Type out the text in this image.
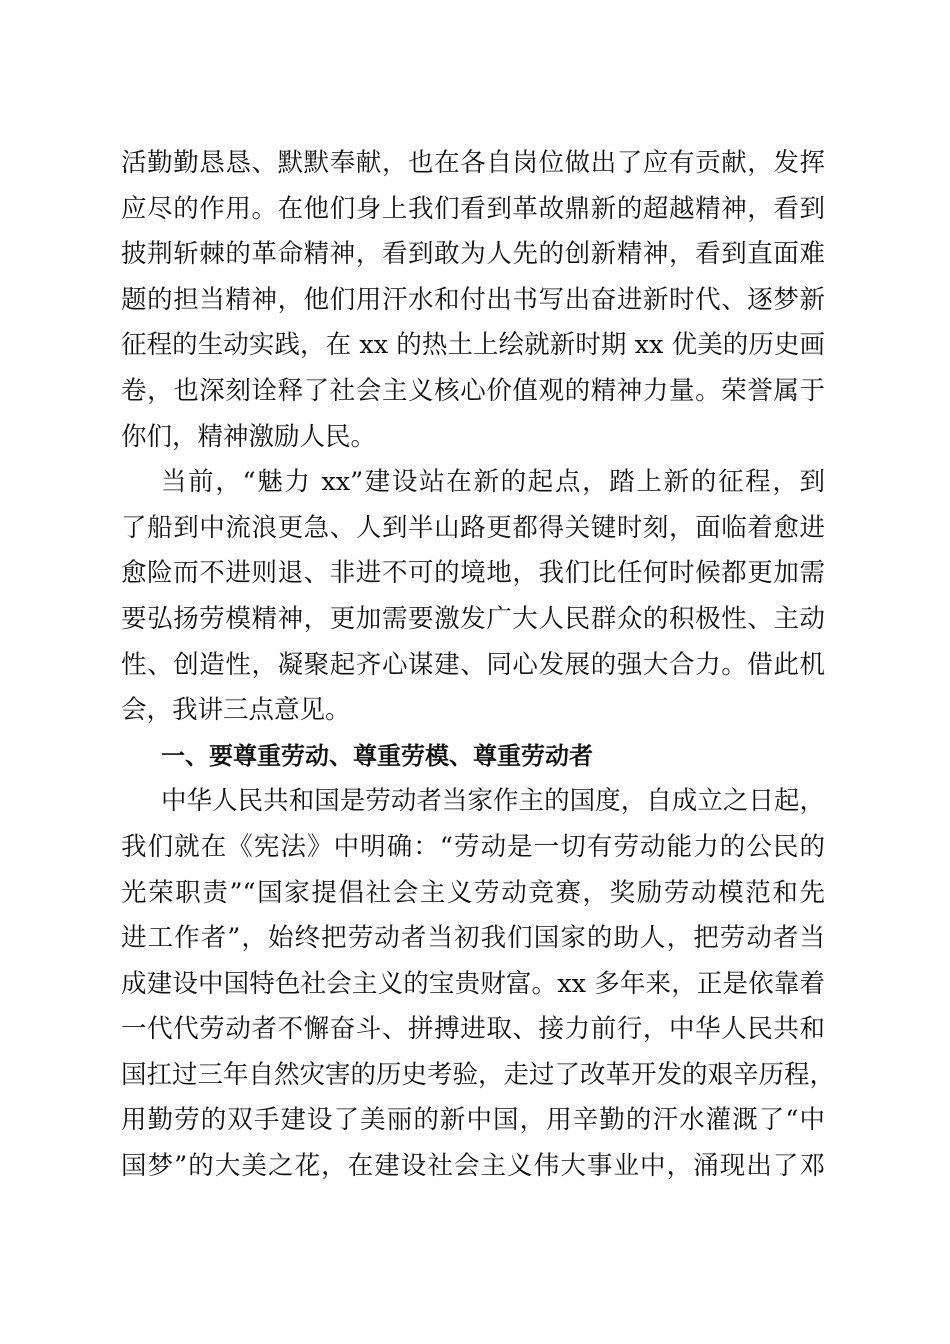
活勤勤恳恳、默默奉献，也在各自岗位做出了应有贡献，发挥
应尽的作用。在他们身上我们看到革故鼎新的超越精神，看到
披荆斩棘的革命精神，看到敢为人先的创新精神，看到直面难
题的担当精神，他们用汗水和付出书写出奋进新时代、逐梦新
征程的生动实践，在 xx 的热土上绘就新时期 xx 优美的历史画
卷，也深刻诠释了社会主义核心价值观的精神力量。荣誉属于
你们，精神激励人民。
当前，“魅力 xx”建设站在新的起点，踏上新的征程，到
了船到中流浪更急、人到半山路更都得关键时刻，面临着愈进
愈险而不进则退、非进不可的境地，我们比任何时候都更加需
要弘扬劳模精神，更加需要激发广大人民群众的积极性、主动
性、创造性，凝聚起齐心谋建、同心发展的强大合力。借此机
会，我讲三点意见。
一、要尊重劳动、尊重劳模、尊重劳动者
中华人民共和国是劳动者当家作主的国度，自成立之日起，
我们就在《宪法》中明确：“劳动是一切有劳动能力的公民的
光荣职责”“国家提倡社会主义劳动竞赛，奖励劳动模范和先
进工作者”，始终把劳动者当初我们国家的助人，把劳动者当
成建设中国特色社会主义的宝贵财富。xx 多年来，正是依靠着
一代代劳动者不懈奋斗、拼搏进取、接力前行，中华人民共和
国扛过三年自然灾害的历史考验，走过了改革开发的艰辛历程，
用勤劳的双手建设了美丽的新中国，用辛勤的汗水灌溉了“中
国梦”的大美之花，在建设社会主义伟大事业中，涌现出了邓
